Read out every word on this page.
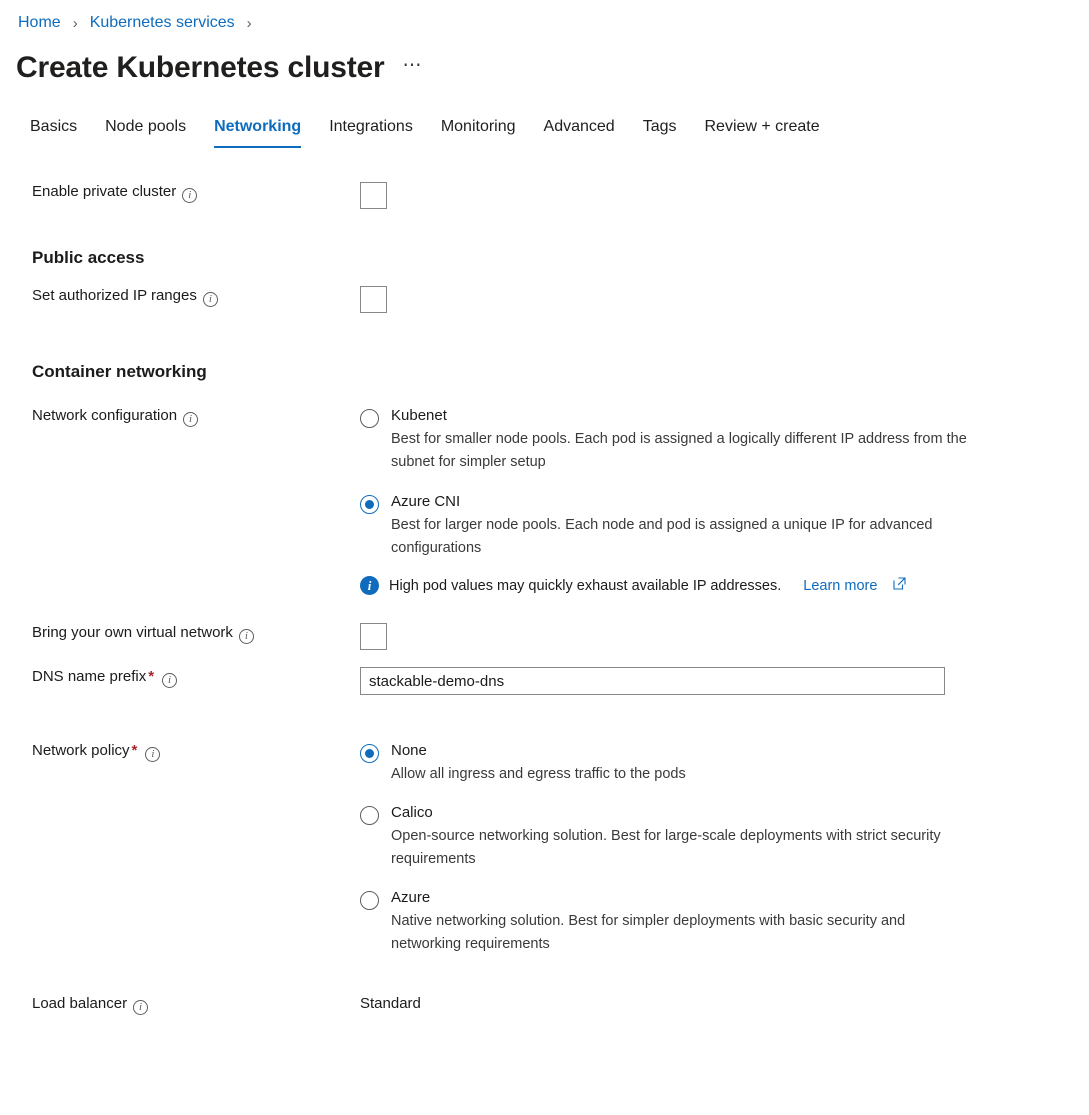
Home › Kubernetes services ›
Create Kubernetes cluster ⋯
Basics	Node pools	Networking	Integrations	Monitoring	Advanced	Tags	Review + create
Enable private cluster i
Public access
Set authorized IP ranges i
Container networking
Network configuration i	Kubenet
Best for smaller node pools. Each pod is assigned a logically different IP address from the subnet for simpler setup
Azure CNI
Best for larger node pools. Each node and pod is assigned a unique IP for advanced configurations
i	High pod values may quickly exhaust available IP addresses. Learn more
Bring your own virtual network i
DNS name prefix * i
stackable-demo-dns
Network policy * i	None
Allow all ingress and egress traffic to the pods
Calico
Open-source networking solution. Best for large-scale deployments with strict security requirements
Azure
Native networking solution. Best for simpler deployments with basic security and networking requirements
Load balancer i	Standard
